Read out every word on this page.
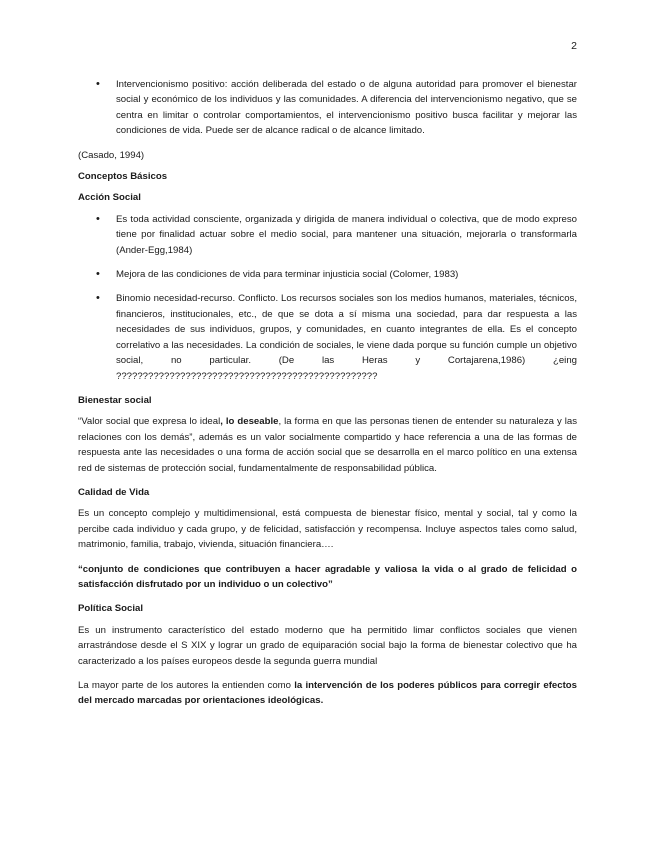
2
• Intervencionismo positivo: acción deliberada del estado o de alguna autoridad para promover el bienestar social y económico de los individuos y las comunidades. A diferencia del intervencionismo negativo, que se centra en limitar o controlar comportamientos, el intervencionismo positivo busca facilitar y mejorar las condiciones de vida. Puede ser de alcance radical o de alcance limitado.

(Casado, 1994)

Conceptos Básicos

Acción Social

• Es toda actividad consciente, organizada y dirigida de manera individual o colectiva, que de modo expreso tiene por finalidad actuar sobre el medio social, para mantener una situación, mejorarla o transformarla (Ander-Egg,1984)
• Mejora de las condiciones de vida para terminar injusticia social (Colomer, 1983)
• Binomio necesidad-recurso. Conflicto. Los recursos sociales son los medios humanos, materiales, técnicos, financieros, institucionales, etc., de que se dota a sí misma una sociedad, para dar respuesta a las necesidades de sus individuos, grupos, y comunidades, en cuanto integrantes de ella. Es el concepto correlativo a las necesidades. La condición de sociales, le viene dada porque su función cumple un objetivo social, no particular. (De las Heras y Cortajarena,1986) ¿eing ?????????????????????????????????????????????????

Bienestar social

“Valor social que expresa lo ideal, lo deseable, la forma en que las personas tienen de entender su naturaleza y las relaciones con los demás”, además es un valor socialmente compartido y hace referencia a una de las formas de respuesta ante las necesidades o una forma de acción social que se desarrolla en el marco político en una extensa red de sistemas de protección social, fundamentalmente de responsabilidad pública.

Calidad de Vida

Es un concepto complejo y multidimensional, está compuesta de bienestar físico, mental y social, tal y como la percibe cada individuo y cada grupo, y de felicidad, satisfacción y recompensa. Incluye aspectos tales como salud, matrimonio, familia, trabajo, vivienda, situación financiera….

“conjunto de condiciones que contribuyen a hacer agradable y valiosa la vida o al grado de felicidad o satisfacción disfrutado por un individuo o un colectivo”

Política Social

Es un instrumento característico del estado moderno que ha permitido limar conflictos sociales que vienen arrastrándose desde el S XIX y lograr un grado de equiparación social bajo la forma de bienestar colectivo que ha caracterizado a los países europeos desde la segunda guerra mundial

La mayor parte de los autores la entienden como la intervención de los poderes públicos para corregir efectos del mercado marcadas por orientaciones ideológicas.
